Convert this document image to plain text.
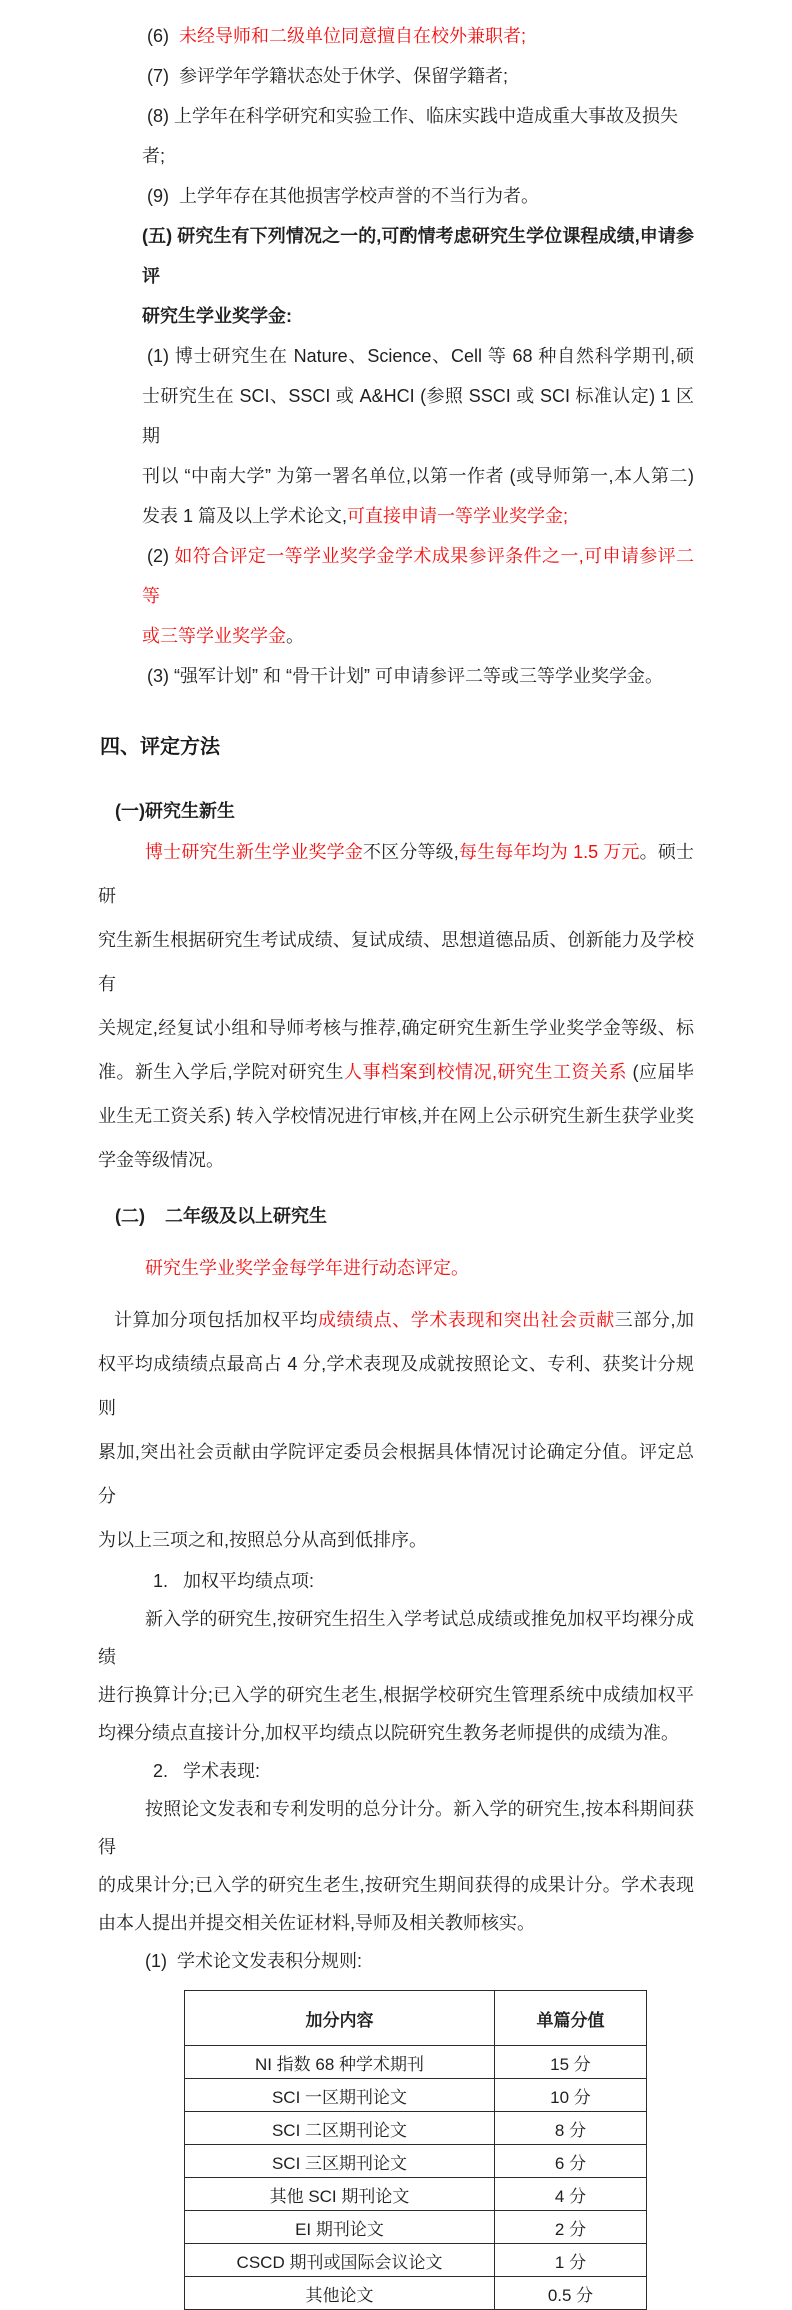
(6)  未经导师和二级单位同意擅自在校外兼职者;
(7)  参评学年学籍状态处于休学、保留学籍者;
(8) 上学年在科学研究和实验工作、临床实践中造成重大事故及损失者;
(9)  上学年存在其他损害学校声誉的不当行为者。
(五) 研究生有下列情况之一的,可酌情考虑研究生学位课程成绩,申请参评
研究生学业奖学金:
(1) 博士研究生在 Nature、Science、Cell 等 68 种自然科学期刊,硕
士研究生在 SCI、SSCI 或 A&HCI (参照 SSCI 或 SCI 标准认定) 1 区期
刊以 “中南大学” 为第一署名单位,以第一作者 (或导师第一,本人第二)
发表 1 篇及以上学术论文,可直接申请一等学业奖学金;
(2) 如符合评定一等学业奖学金学术成果参评条件之一,可申请参评二等
或三等学业奖学金。
(3) “强军计划” 和 “骨干计划” 可申请参评二等或三等学业奖学金。
四、评定方法
(一)研究生新生
博士研究生新生学业奖学金不区分等级,每生每年均为 1.5 万元。硕士研
究生新生根据研究生考试成绩、复试成绩、思想道德品质、创新能力及学校有
关规定,经复试小组和导师考核与推荐,确定研究生新生学业奖学金等级、标
准。新生入学后,学院对研究生人事档案到校情况,研究生工资关系 (应届毕
业生无工资关系) 转入学校情况进行审核,并在网上公示研究生新生获学业奖
学金等级情况。
(二)    二年级及以上研究生
研究生学业奖学金每学年进行动态评定。
计算加分项包括加权平均成绩绩点、学术表现和突出社会贡献三部分,加
权平均成绩绩点最高占 4 分,学术表现及成就按照论文、专利、获奖计分规则
累加,突出社会贡献由学院评定委员会根据具体情况讨论确定分值。评定总分
为以上三项之和,按照总分从高到低排序。
1.   加权平均绩点项:
新入学的研究生,按研究生招生入学考试总成绩或推免加权平均裸分成绩
进行换算计分;已入学的研究生老生,根据学校研究生管理系统中成绩加权平
均裸分绩点直接计分,加权平均绩点以院研究生教务老师提供的成绩为准。
2.   学术表现:
按照论文发表和专利发明的总分计分。新入学的研究生,按本科期间获得
的成果计分;已入学的研究生老生,按研究生期间获得的成果计分。学术表现
由本人提出并提交相关佐证材料,导师及相关教师核实。
(1)  学术论文发表积分规则:
加分内容	单篇分值
NI 指数 68 种学术期刊	15 分
SCI 一区期刊论文	10 分
SCI 二区期刊论文	8 分
SCI 三区期刊论文	6 分
其他 SCI 期刊论文	4 分
EI 期刊论文	2 分
CSCD 期刊或国际会议论文	1 分
其他论文	0.5 分
